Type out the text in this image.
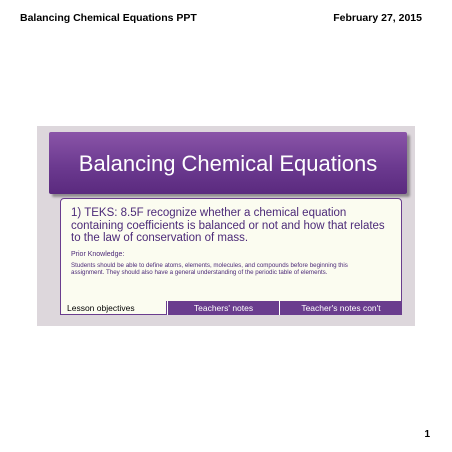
Balancing Chemical Equations PPT	February 27, 2015
Balancing Chemical Equations

1) TEKS: 8.5F recognize whether a chemical equation containing coefficients is balanced or not and how that relates to the law of conservation of mass.

Prior Knowledge:
Students should be able to define atoms, elements, molecules, and compounds before beginning this assignment. They should also have a general understanding of the periodic table of elements.
Lesson objectives	Teachers' notes	Teacher's notes con't
1
